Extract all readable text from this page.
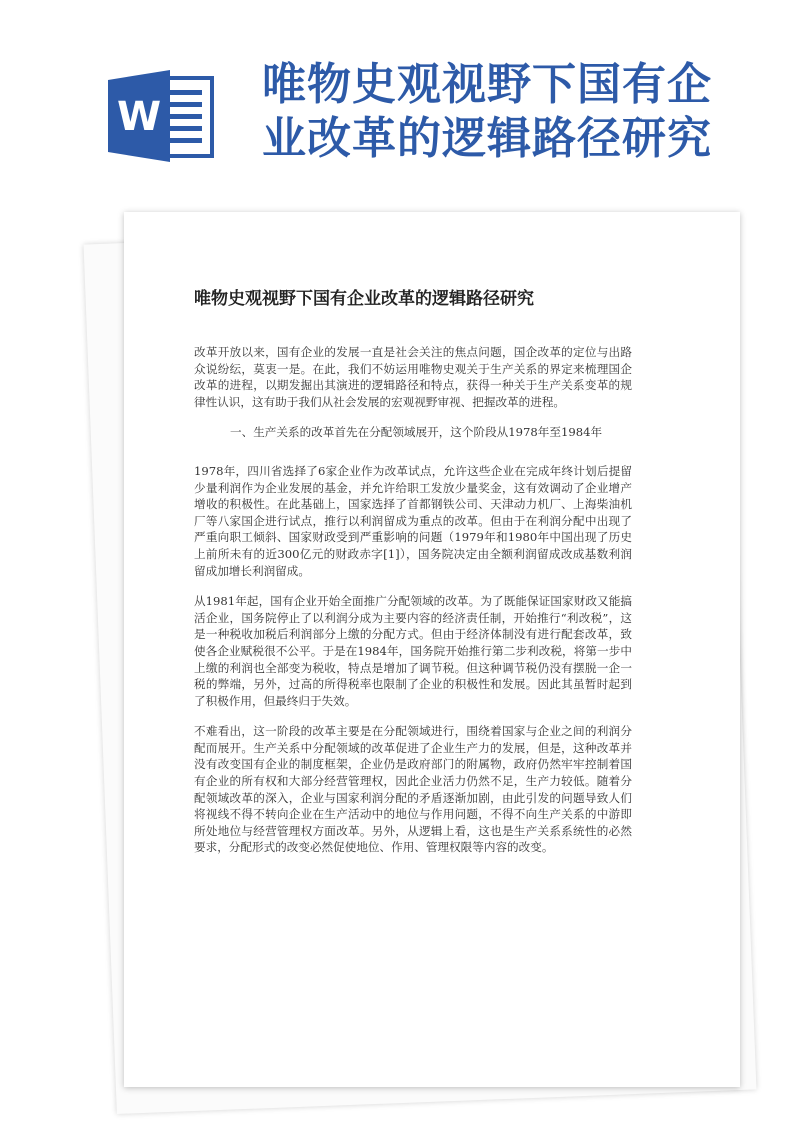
W
唯物史观视野下国有企
业改革的逻辑路径研究
唯物史观视野下国有企业改革的逻辑路径研究

改革开放以来，国有企业的发展一直是社会关注的焦点问题，国企改革的定位与出路众说纷纭，莫衷一是。在此，我们不妨运用唯物史观关于生产关系的界定来梳理国企改革的进程，以期发掘出其演进的逻辑路径和特点，获得一种关于生产关系变革的规律性认识，这有助于我们从社会发展的宏观视野审视、把握改革的进程。

一、生产关系的改革首先在分配领域展开，这个阶段从1978年至1984年

1978年，四川省选择了6家企业作为改革试点，允许这些企业在完成年终计划后提留少量利润作为企业发展的基金，并允许给职工发放少量奖金，这有效调动了企业增产增收的积极性。在此基础上，国家选择了首都钢铁公司、天津动力机厂、上海柴油机厂等八家国企进行试点，推行以利润留成为重点的改革。但由于在利润分配中出现了严重向职工倾斜、国家财政受到严重影响的问题（1979年和1980年中国出现了历史上前所未有的近300亿元的财政赤字[1]），国务院决定由全额利润留成改成基数利润留成加增长利润留成。

从1981年起，国有企业开始全面推广分配领域的改革。为了既能保证国家财政又能搞活企业，国务院停止了以利润分成为主要内容的经济责任制，开始推行“利改税”，这是一种税收加税后利润部分上缴的分配方式。但由于经济体制没有进行配套改革，致使各企业赋税很不公平。于是在1984年，国务院开始推行第二步利改税，将第一步中上缴的利润也全部变为税收，特点是增加了调节税。但这种调节税仍没有摆脱一企一税的弊端，另外，过高的所得税率也限制了企业的积极性和发展。因此其虽暂时起到了积极作用，但最终归于失效。

不难看出，这一阶段的改革主要是在分配领域进行，围绕着国家与企业之间的利润分配而展开。生产关系中分配领域的改革促进了企业生产力的发展，但是，这种改革并没有改变国有企业的制度框架，企业仍是政府部门的附属物，政府仍然牢牢控制着国有企业的所有权和大部分经营管理权，因此企业活力仍然不足，生产力较低。随着分配领域改革的深入，企业与国家利润分配的矛盾逐渐加剧，由此引发的问题导致人们将视线不得不转向企业在生产活动中的地位与作用问题，不得不向生产关系的中游即所处地位与经营管理权方面改革。另外，从逻辑上看，这也是生产关系系统性的必然要求，分配形式的改变必然促使地位、作用、管理权限等内容的改变。
